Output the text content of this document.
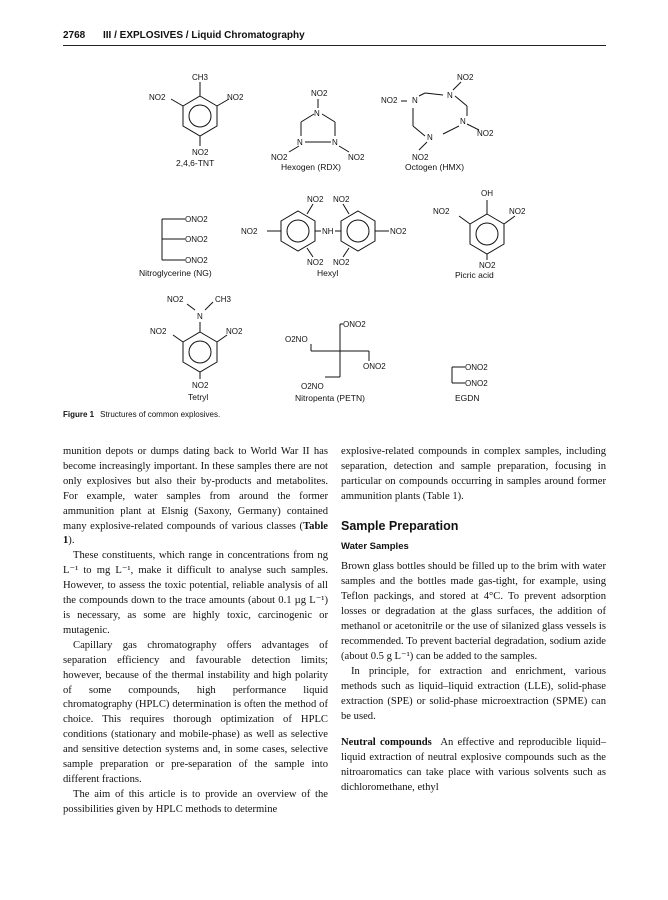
2768 III / EXPLOSIVES / Liquid Chromatography
CH3
NO2	NO2
NO2
2,4,6-TNT
NO2
N
N	N
NO2	NO2
Hexogen (RDX)
NO2
N
N
NO2
N
N
NO2
NO2
Octogen (HMX)
ONO2
ONO2
ONO2
Nitroglycerine (NG)
NH
NO2	NO2
NO2 NO2
NO2 NO2
Hexyl
OH
NO2	NO2
NO2
Picric acid
NO2	CH3
N
NO2	NO2
NO2
Tetryl
ONO2
O2NO
ONO2
O2NO
Nitropenta (PETN)
ONO2
ONO2
EGDN
Figure 1 Structures of common explosives.

munition depots or dumps dating back to World War II has become increasingly important. In these samples there are not only explosives but also their by-products and metabolites. For example, water samples from around the former ammunition plant at Elsnig (Saxony, Germany) contained many explosive-related compounds of various classes (Table 1).

These constituents, which range in concentrations from ng L⁻¹ to mg L⁻¹, make it difficult to analyse such samples. However, to assess the toxic potential, reliable analysis of all the compounds down to the trace amounts (about 0.1 µg L⁻¹) is necessary, as some are highly toxic, carcinogenic or mutagenic.

Capillary gas chromatography offers advantages of separation efficiency and favourable detection limits; however, because of the thermal instability and high polarity of some compounds, high performance liquid chromatography (HPLC) determination is often the method of choice. This requires thorough optimization of HPLC conditions (stationary and mobile-phase) as well as selective and sensitive detection systems and, in some cases, selective sample preparation or pre-separation of the sample into different fractions.

The aim of this article is to provide an overview of the possibilities given by HPLC methods to determine

explosive-related compounds in complex samples, including separation, detection and sample preparation, focusing in particular on compounds occurring in samples around former ammunition plants (Table 1).

Sample Preparation
Water Samples

Brown glass bottles should be filled up to the brim with water samples and the bottles made gas-tight, for example, using Teflon packings, and stored at 4°C. To prevent adsorption losses or degradation at the glass surfaces, the addition of methanol or acetonitrile or the use of silanized glass vessels is recommended. To prevent bacterial degradation, sodium azide (about 0.5 g L⁻¹) can be added to the samples.

In principle, for extraction and enrichment, various methods such as liquid–liquid extraction (LLE), solid-phase extraction (SPE) or solid-phase microextraction (SPME) can be used.

Neutral compounds An effective and reproducible liquid–liquid extraction of neutral explosive compounds such as the nitroaromatics can take place with various solvents such as dichloromethane, ethyl
